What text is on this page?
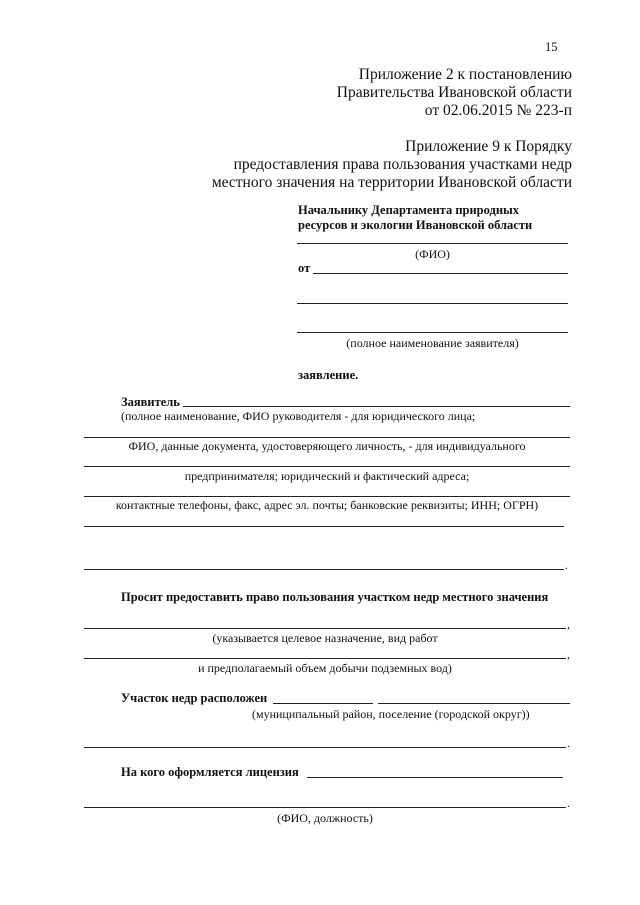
15
Приложение 2 к постановлению
Правительства Ивановской области
от 02.06.2015 № 223-п
Приложение 9 к Порядку
предоставления права пользования участками недр
местного значения на территории Ивановской области
Начальнику Департамента природных
ресурсов и экологии Ивановской области
(ФИО)
от
(полное наименование заявителя)
заявление.
Заявитель
(полное наименование, ФИО руководителя - для юридического лица;
ФИО, данные документа, удостоверяющего личность, - для индивидуального
предпринимателя; юридический и фактический адреса;
контактные телефоны, факс, адрес эл. почты; банковские реквизиты; ИНН; ОГРН)
.
Просит предоставить право пользования участком недр местного значения
,
(указывается целевое назначение, вид работ
,
и предполагаемый объем добычи подземных вод)
Участок недр расположен
(муниципальный район, поселение (городской округ))
.
На кого оформляется лицензия
.
(ФИО, должность)
